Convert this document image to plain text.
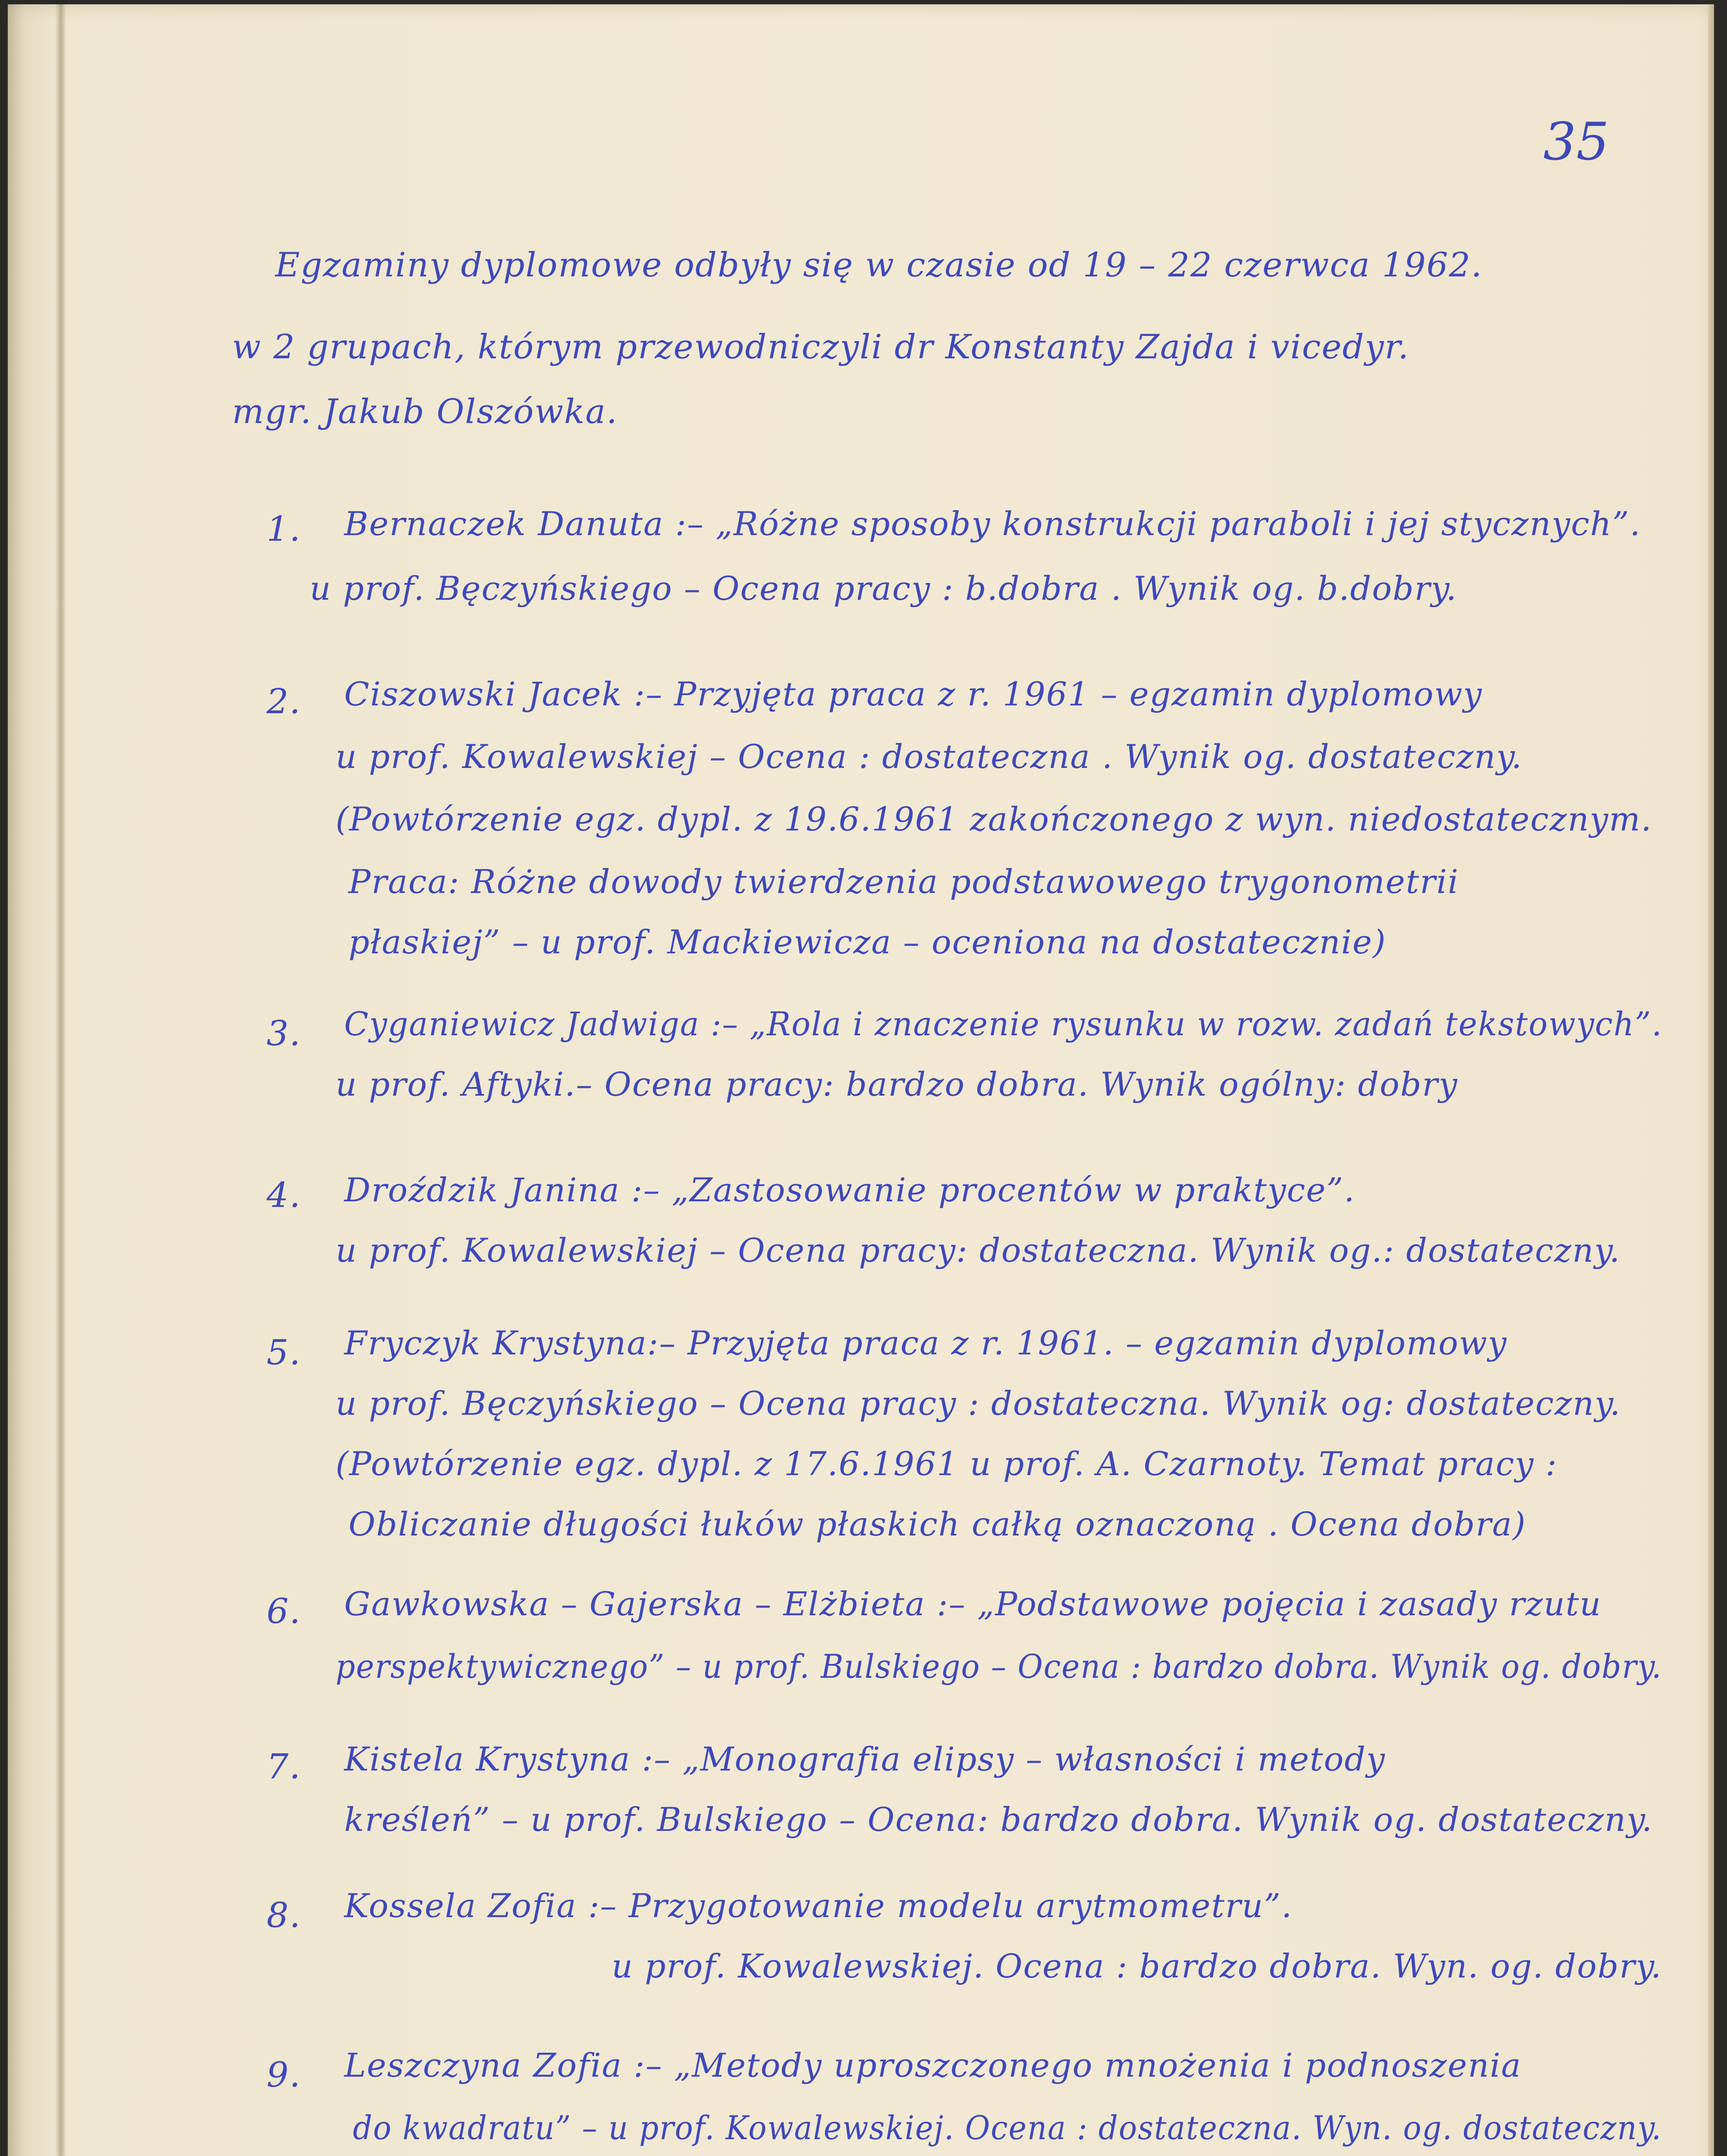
35
Egzaminy dyplomowe odbyły się w czasie od 19 – 22 czerwca 1962.
w 2 grupach, którym przewodniczyli dr Konstanty Zajda i vicedyr.
mgr. Jakub Olszówka.
1. Bernaczek Danuta :– „Różne sposoby konstrukcji paraboli i jej stycznych”.
u prof. Bęczyńskiego – Ocena pracy : b.dobra . Wynik og. b.dobry.
2. Ciszowski Jacek :– Przyjęta praca z r. 1961 – egzamin dyplomowy
u prof. Kowalewskiej – Ocena : dostateczna . Wynik og. dostateczny.
(Powtórzenie egz. dypl. z 19.6.1961 zakończonego z wyn. niedostatecznym.
Praca: Różne dowody twierdzenia podstawowego trygonometrii
płaskiej” – u prof. Mackiewicza – oceniona na dostatecznie)
3. Cyganiewicz Jadwiga :– „Rola i znaczenie rysunku w rozw. zadań tekstowych”.
u prof. Aftyki.– Ocena pracy: bardzo dobra. Wynik ogólny: dobry
4. Droździk Janina :– „Zastosowanie procentów w praktyce”.
u prof. Kowalewskiej – Ocena pracy: dostateczna. Wynik og.: dostateczny.
5. Fryczyk Krystyna:– Przyjęta praca z r. 1961. – egzamin dyplomowy
u prof. Bęczyńskiego – Ocena pracy : dostateczna. Wynik og: dostateczny.
(Powtórzenie egz. dypl. z 17.6.1961 u prof. A. Czarnoty. Temat pracy :
Obliczanie długości łuków płaskich całką oznaczoną . Ocena dobra)
6. Gawkowska – Gajerska – Elżbieta :– „Podstawowe pojęcia i zasady rzutu
perspektywicznego” – u prof. Bulskiego – Ocena : bardzo dobra. Wynik og. dobry.
7. Kistela Krystyna :– „Monografia elipsy – własności i metody
kreśleń” – u prof. Bulskiego – Ocena: bardzo dobra. Wynik og. dostateczny.
8. Kossela Zofia :– Przygotowanie modelu arytmometru”.
u prof. Kowalewskiej. Ocena : bardzo dobra. Wyn. og. dobry.
9. Leszczyna Zofia :– „Metody uproszczonego mnożenia i podnoszenia
do kwadratu” – u prof. Kowalewskiej. Ocena : dostateczna. Wyn. og. dostateczny.
